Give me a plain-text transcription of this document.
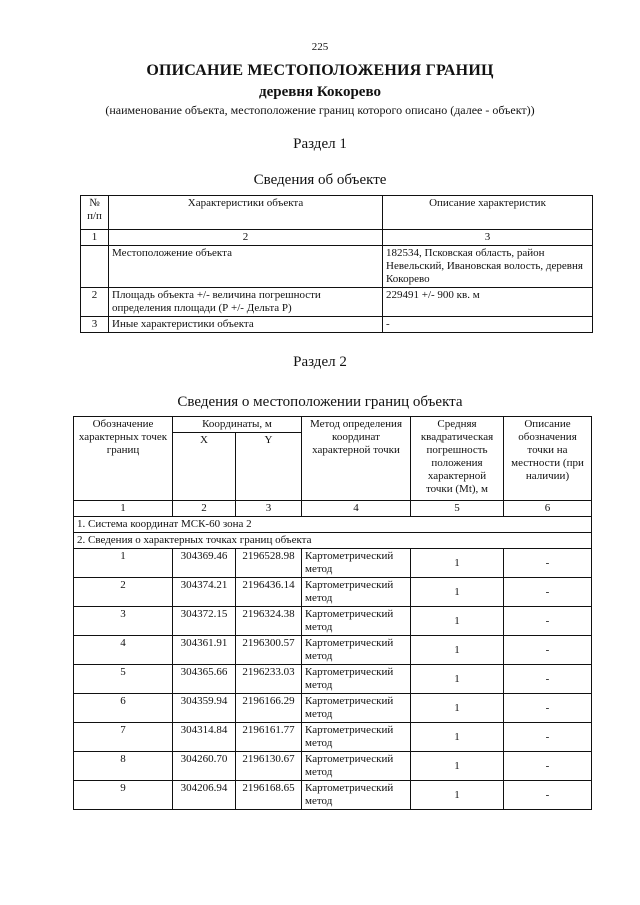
225
ОПИСАНИЕ МЕСТОПОЛОЖЕНИЯ ГРАНИЦ
деревня Кокорево
(наименование объекта, местоположение границ которого описано (далее - объект))
Раздел 1
Сведения об объекте
№ п/п	Характеристики объекта	Описание характеристик
1	2	3
	Местоположение объекта	182534, Псковская область, район Невельский, Ивановская волость, деревня Кокорево
2	Площадь объекта +/- величина погрешности определения площади (Р +/- Дельта Р)	229491 +/- 900 кв. м
3	Иные характеристики объекта	-
Раздел 2
Сведения о местоположении границ объекта
Обозначение характерных точек границ	Координаты, м		Метод определения координат характерной точки	Средняя квадратическая погрешность положения характерной точки (Мt), м	Описание обозначения точки на местности (при наличии)
	X	Y			
1	2	3	4	5	6
1. Система координат МСК-60 зона 2					
2. Сведения о характерных точках границ объекта					
1	304369.46	2196528.98	Картометрический метод	1	-
2	304374.21	2196436.14	Картометрический метод	1	-
3	304372.15	2196324.38	Картометрический метод	1	-
4	304361.91	2196300.57	Картометрический метод	1	-
5	304365.66	2196233.03	Картометрический метод	1	-
6	304359.94	2196166.29	Картометрический метод	1	-
7	304314.84	2196161.77	Картометрический метод	1	-
8	304260.70	2196130.67	Картометрический метод	1	-
9	304206.94	2196168.65	Картометрический метод	1	-
